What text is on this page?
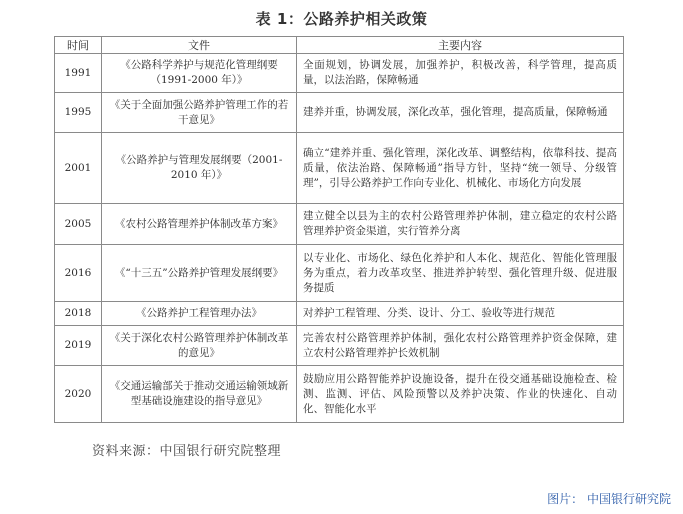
表 1：公路养护相关政策
时间	文件	主要内容
1991	《公路科学养护与规范化管理纲要（1991-2000 年）》	全面规划，协调发展，加强养护，积极改善，科学管理，提高质量，以法治路，保障畅通
1995	《关于全面加强公路养护管理工作的若干意见》	建养并重，协调发展，深化改革，强化管理，提高质量，保障畅通
2001	《公路养护与管理发展纲要（2001-2010 年）》	确立“建养并重、强化管理，深化改革、调整结构，依靠科技、提高质量，依法治路、保障畅通”指导方针，坚持“统一领导、分级管理”，引导公路养护工作向专业化、机械化、市场化方向发展
2005	《农村公路管理养护体制改革方案》	建立健全以县为主的农村公路管理养护体制，建立稳定的农村公路管理养护资金渠道，实行管养分离
2016	《“十三五”公路养护管理发展纲要》	以专业化、市场化、绿色化养护和人本化、规范化、智能化管理服务为重点，着力改革攻坚、推进养护转型、强化管理升级、促进服务提质
2018	《公路养护工程管理办法》	对养护工程管理、分类、设计、分工、验收等进行规范
2019	《关于深化农村公路管理养护体制改革的意见》	完善农村公路管理养护体制，强化农村公路管理养护资金保障，建立农村公路管理养护长效机制
2020	《交通运输部关于推动交通运输领域新型基础设施建设的指导意见》	鼓励应用公路智能养护设施设备，提升在役交通基础设施检查、检测、监测、评估、风险预警以及养护决策、作业的快速化、自动化、智能化水平
资料来源：中国银行研究院整理
图片： 中国银行研究院
